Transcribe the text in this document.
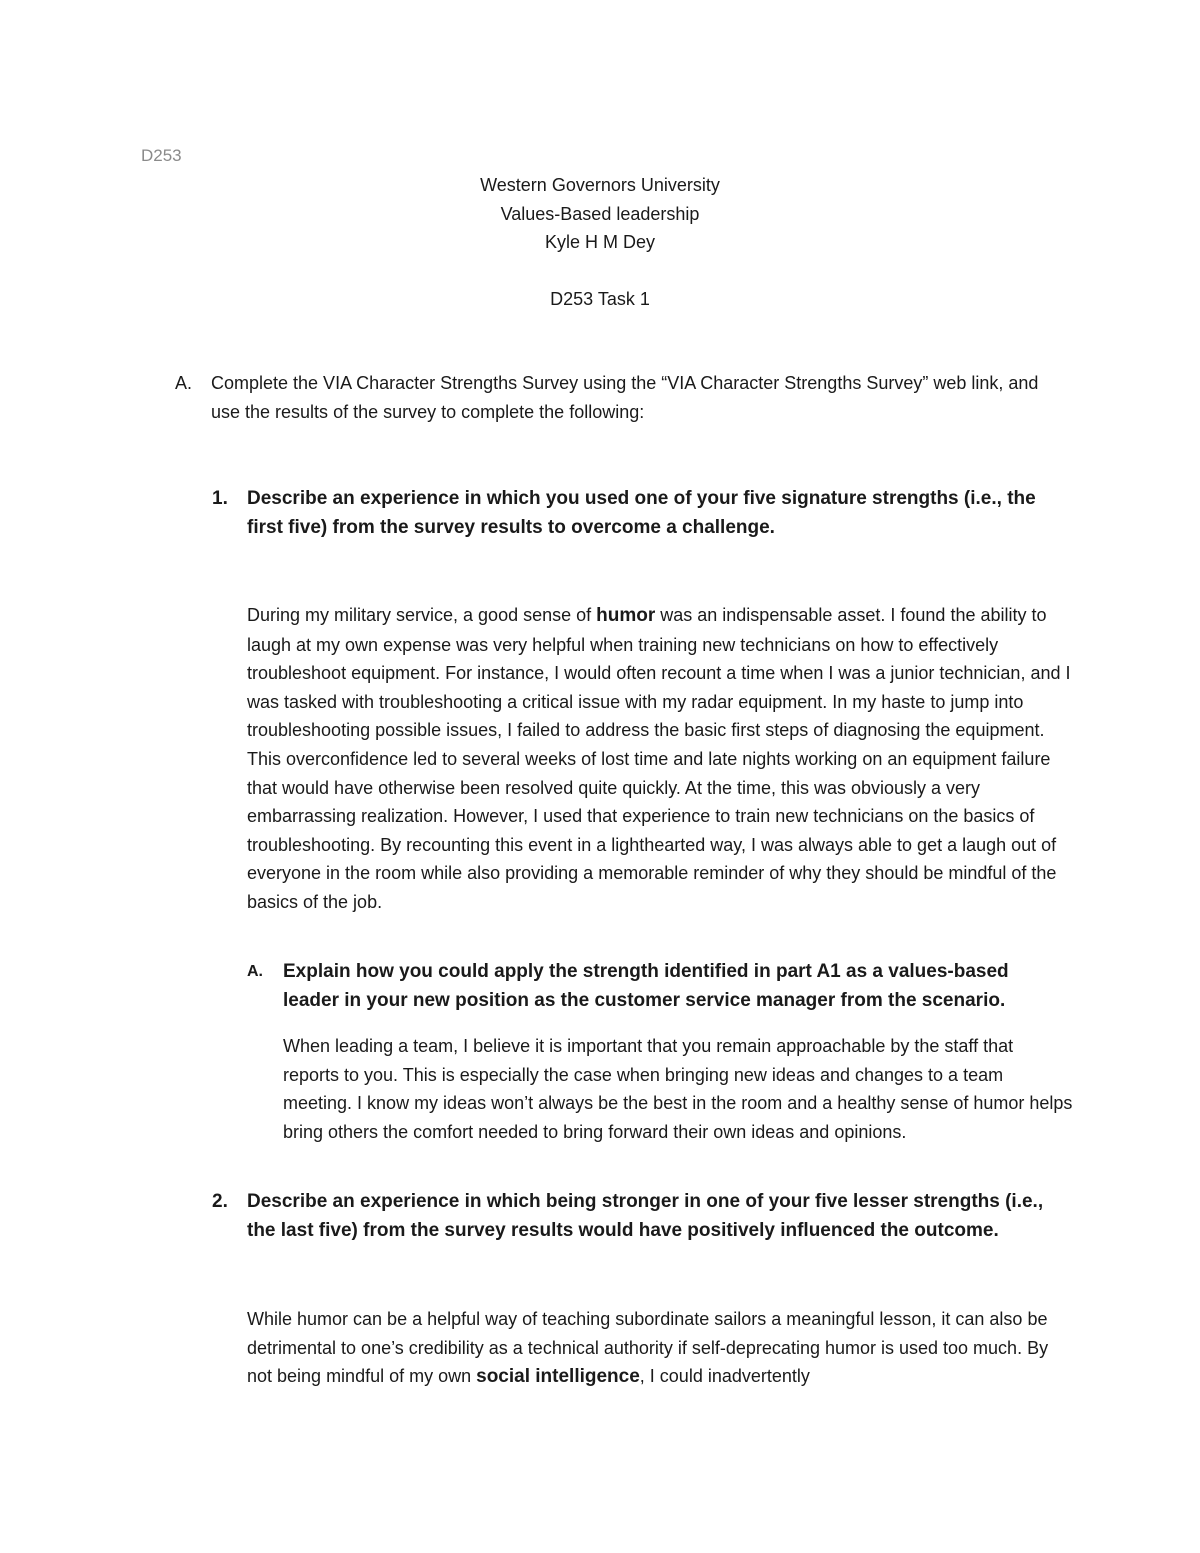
D253
Western Governors University
Values-Based leadership
Kyle H M Dey
D253 Task 1
A. Complete the VIA Character Strengths Survey using the “VIA Character Strengths Survey” web link, and use the results of the survey to complete the following:
1. Describe an experience in which you used one of your five signature strengths (i.e., the first five) from the survey results to overcome a challenge.
During my military service, a good sense of humor was an indispensable asset. I found the ability to laugh at my own expense was very helpful when training new technicians on how to effectively troubleshoot equipment. For instance, I would often recount a time when I was a junior technician, and I was tasked with troubleshooting a critical issue with my radar equipment. In my haste to jump into troubleshooting possible issues, I failed to address the basic first steps of diagnosing the equipment. This overconfidence led to several weeks of lost time and late nights working on an equipment failure that would have otherwise been resolved quite quickly. At the time, this was obviously a very embarrassing realization. However, I used that experience to train new technicians on the basics of troubleshooting. By recounting this event in a lighthearted way, I was always able to get a laugh out of everyone in the room while also providing a memorable reminder of why they should be mindful of the basics of the job.
A. Explain how you could apply the strength identified in part A1 as a values-based leader in your new position as the customer service manager from the scenario.
When leading a team, I believe it is important that you remain approachable by the staff that reports to you. This is especially the case when bringing new ideas and changes to a team meeting. I know my ideas won’t always be the best in the room and a healthy sense of humor helps bring others the comfort needed to bring forward their own ideas and opinions.
2. Describe an experience in which being stronger in one of your five lesser strengths (i.e., the last five) from the survey results would have positively influenced the outcome.
While humor can be a helpful way of teaching subordinate sailors a meaningful lesson, it can also be detrimental to one’s credibility as a technical authority if self-deprecating humor is used too much. By not being mindful of my own social intelligence, I could inadvertently
